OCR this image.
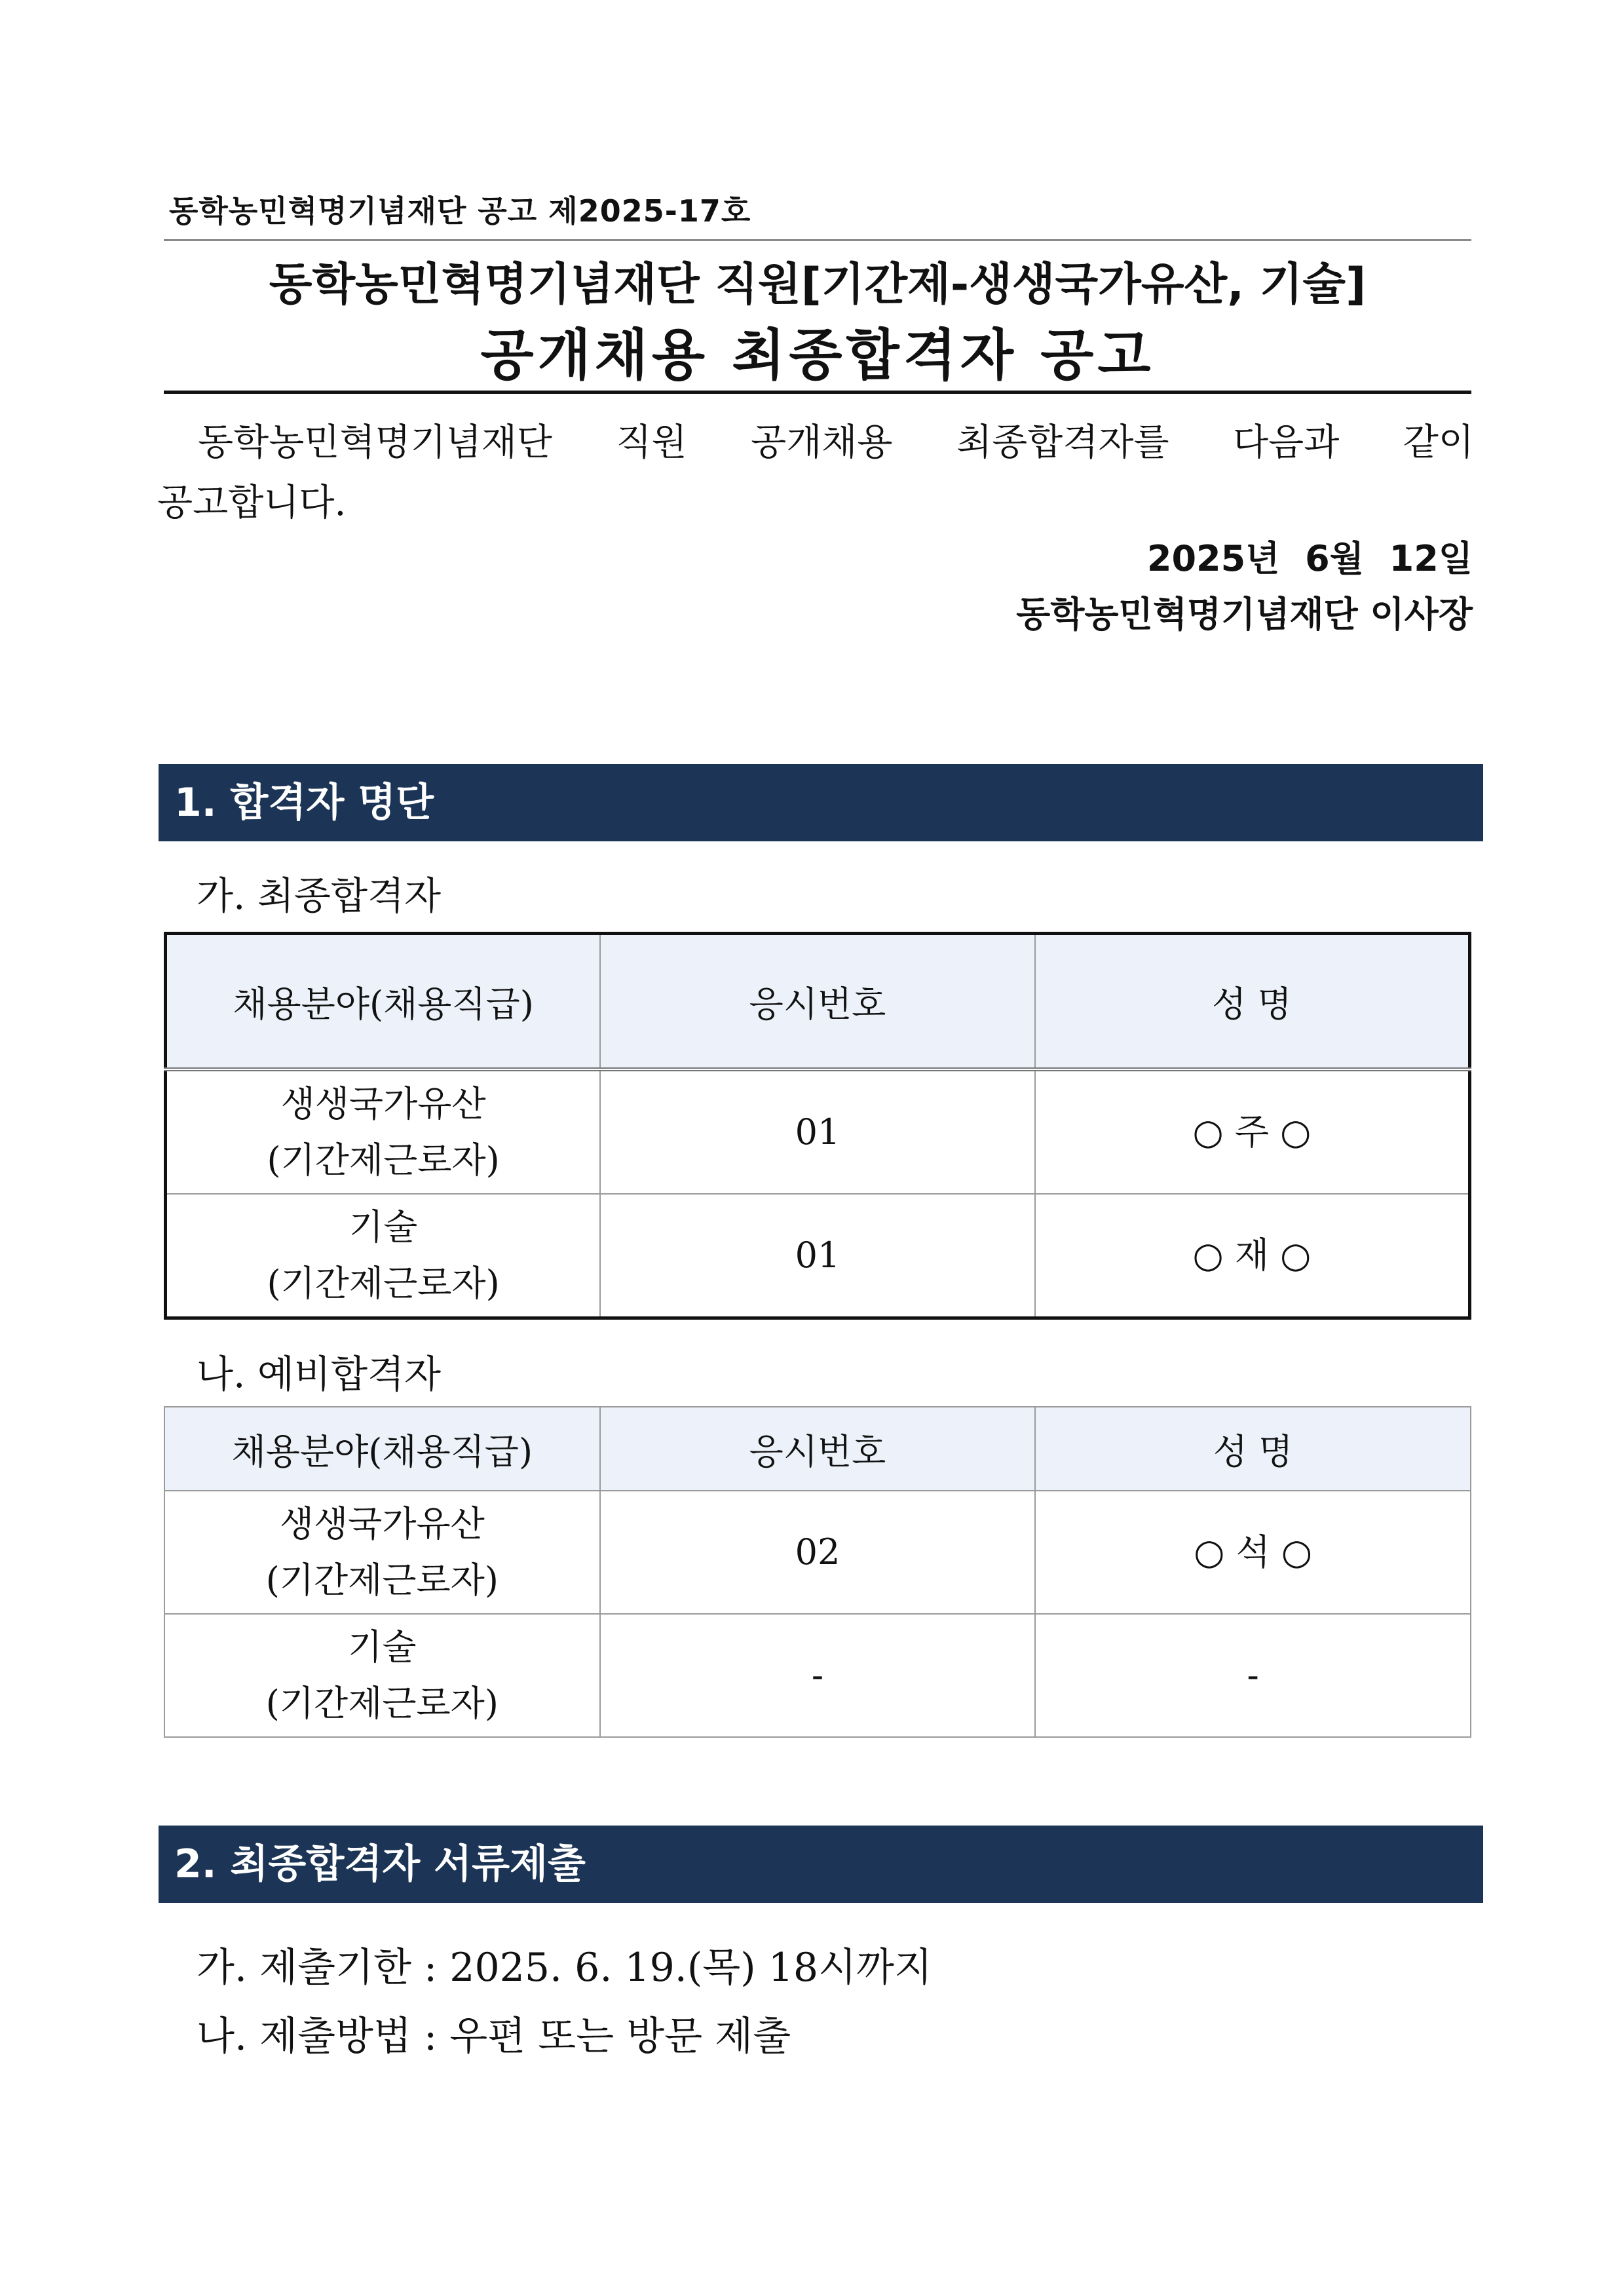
동학농민혁명기념재단 공고 제2025-17호
동학농민혁명기념재단 직원[기간제-생생국가유산, 기술]
공개채용 최종합격자 공고
동학농민혁명기념재단 직원 공개채용 최종합격자를 다음과 같이
공고합니다.
2025년 6월 12일
동학농민혁명기념재단 이사장
1. 합격자 명단
가. 최종합격자
채용분야(채용직급)	응시번호	성 명

생생국가유산
(기간제근로자)	01	○ 주 ○

기술
(기간제근로자)	01	○ 재 ○
나. 예비합격자
채용분야(채용직급)	응시번호	성 명

생생국가유산
(기간제근로자)	02	○ 석 ○

기술
(기간제근로자)	-	-
2. 최종합격자 서류제출
가. 제출기한 : 2025. 6. 19.(목) 18시까지
나. 제출방법 : 우편 또는 방문 제출
